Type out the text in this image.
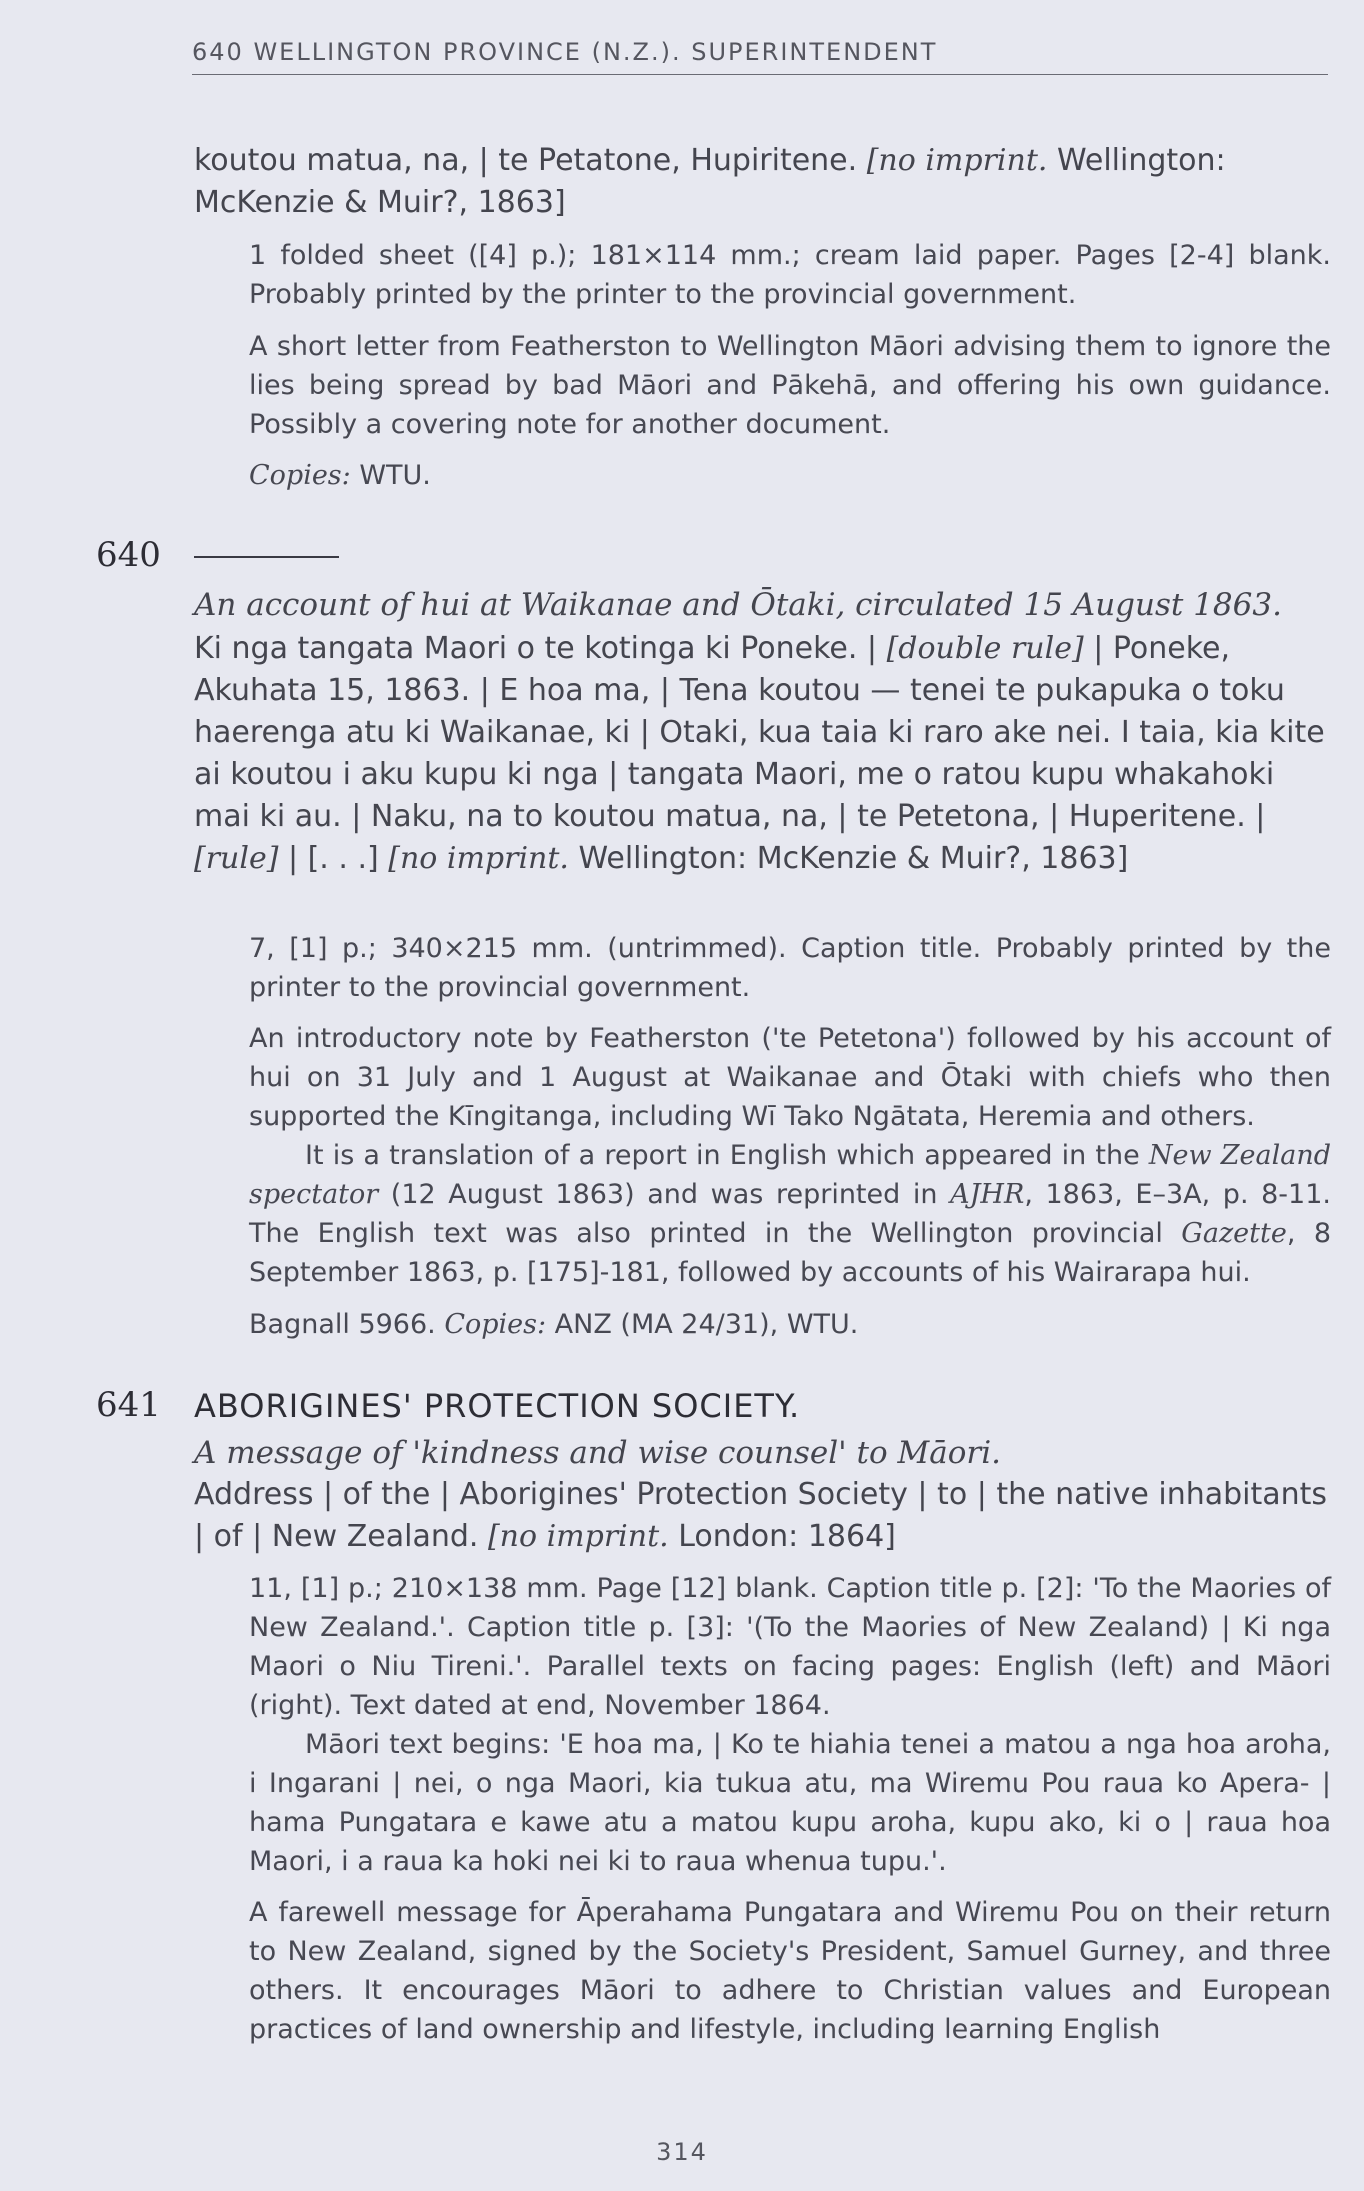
640 WELLINGTON PROVINCE (N.Z.). SUPERINTENDENT
koutou matua, na, | te Petatone, Hupiritene. [no imprint. Wellington:
McKenzie & Muir?, 1863]
1 folded sheet ([4] p.); 181×114 mm.; cream laid paper. Pages [2-4] blank. Probably printed by the printer to the provincial government.
A short letter from Featherston to Wellington Māori advising them to ignore the lies being spread by bad Māori and Pākehā, and offering his own guidance. Possibly a covering note for another document.
Copies: WTU.
640
An account of hui at Waikanae and Ōtaki, circulated 15 August 1863.
Ki nga tangata Maori o te kotinga ki Poneke. | [double rule] | Poneke, Akuhata 15, 1863. | E hoa ma, | Tena koutou — tenei te pukapuka o toku haerenga atu ki Waikanae, ki | Otaki, kua taia ki raro ake nei. I taia, kia kite ai koutou i aku kupu ki nga | tangata Maori, me o ratou kupu whakahoki mai ki au. | Naku, na to koutou matua, na, | te Petetona, | Huperitene. | [rule] | [. . .] [no imprint. Wellington: McKenzie & Muir?, 1863]
7, [1] p.; 340×215 mm. (untrimmed). Caption title. Probably printed by the printer to the provincial government.
An introductory note by Featherston ('te Petetona') followed by his account of hui on 31 July and 1 August at Waikanae and Ōtaki with chiefs who then supported the Kīngitanga, including Wī Tako Ngātata, Heremia and others.
It is a translation of a report in English which appeared in the New Zealand spectator (12 August 1863) and was reprinted in AJHR, 1863, E–3A, p. 8-11. The English text was also printed in the Wellington provincial Gazette, 8 September 1863, p. [175]-181, followed by accounts of his Wairarapa hui.
Bagnall 5966. Copies: ANZ (MA 24/31), WTU.
641 ABORIGINES' PROTECTION SOCIETY.
A message of 'kindness and wise counsel' to Māori.
Address | of the | Aborigines' Protection Society | to | the native inhabitants | of | New Zealand. [no imprint. London: 1864]
11, [1] p.; 210×138 mm. Page [12] blank. Caption title p. [2]: 'To the Maories of New Zealand.'. Caption title p. [3]: '(To the Maories of New Zealand) | Ki nga Maori o Niu Tireni.'. Parallel texts on facing pages: English (left) and Māori (right). Text dated at end, November 1864.
Māori text begins: 'E hoa ma, | Ko te hiahia tenei a matou a nga hoa aroha, i Ingarani | nei, o nga Maori, kia tukua atu, ma Wiremu Pou raua ko Apera- | hama Pungatara e kawe atu a matou kupu aroha, kupu ako, ki o | raua hoa Maori, i a raua ka hoki nei ki to raua whenua tupu.'.
A farewell message for Āperahama Pungatara and Wiremu Pou on their return to New Zealand, signed by the Society's President, Samuel Gurney, and three others. It encourages Māori to adhere to Christian values and European practices of land ownership and lifestyle, including learning English
314
